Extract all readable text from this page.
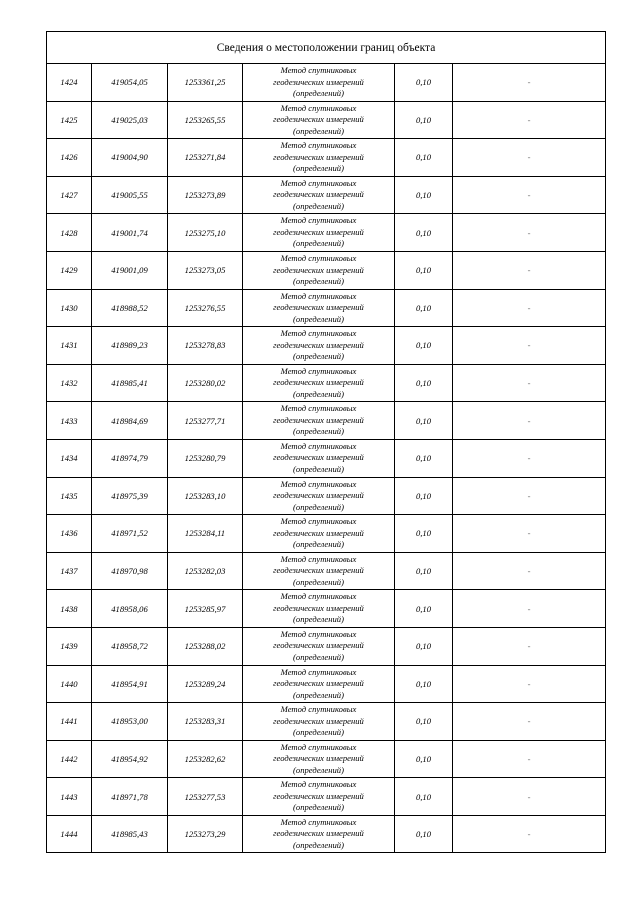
Сведения о местоположении границ объекта					
1424	419054,05	1253361,25	Метод спутниковых
геодезических измерений
(определений)	0,10	-
1425	419025,03	1253265,55	Метод спутниковых
геодезических измерений
(определений)	0,10	-
1426	419004,90	1253271,84	Метод спутниковых
геодезических измерений
(определений)	0,10	-
1427	419005,55	1253273,89	Метод спутниковых
геодезических измерений
(определений)	0,10	-
1428	419001,74	1253275,10	Метод спутниковых
геодезических измерений
(определений)	0,10	-
1429	419001,09	1253273,05	Метод спутниковых
геодезических измерений
(определений)	0,10	-
1430	418988,52	1253276,55	Метод спутниковых
геодезических измерений
(определений)	0,10	-
1431	418989,23	1253278,83	Метод спутниковых
геодезических измерений
(определений)	0,10	-
1432	418985,41	1253280,02	Метод спутниковых
геодезических измерений
(определений)	0,10	-
1433	418984,69	1253277,71	Метод спутниковых
геодезических измерений
(определений)	0,10	-
1434	418974,79	1253280,79	Метод спутниковых
геодезических измерений
(определений)	0,10	-
1435	418975,39	1253283,10	Метод спутниковых
геодезических измерений
(определений)	0,10	-
1436	418971,52	1253284,11	Метод спутниковых
геодезических измерений
(определений)	0,10	-
1437	418970,98	1253282,03	Метод спутниковых
геодезических измерений
(определений)	0,10	-
1438	418958,06	1253285,97	Метод спутниковых
геодезических измерений
(определений)	0,10	-
1439	418958,72	1253288,02	Метод спутниковых
геодезических измерений
(определений)	0,10	-
1440	418954,91	1253289,24	Метод спутниковых
геодезических измерений
(определений)	0,10	-
1441	418953,00	1253283,31	Метод спутниковых
геодезических измерений
(определений)	0,10	-
1442	418954,92	1253282,62	Метод спутниковых
геодезических измерений
(определений)	0,10	-
1443	418971,78	1253277,53	Метод спутниковых
геодезических измерений
(определений)	0,10	-
1444	418985,43	1253273,29	Метод спутниковых
геодезических измерений
(определений)	0,10	-
